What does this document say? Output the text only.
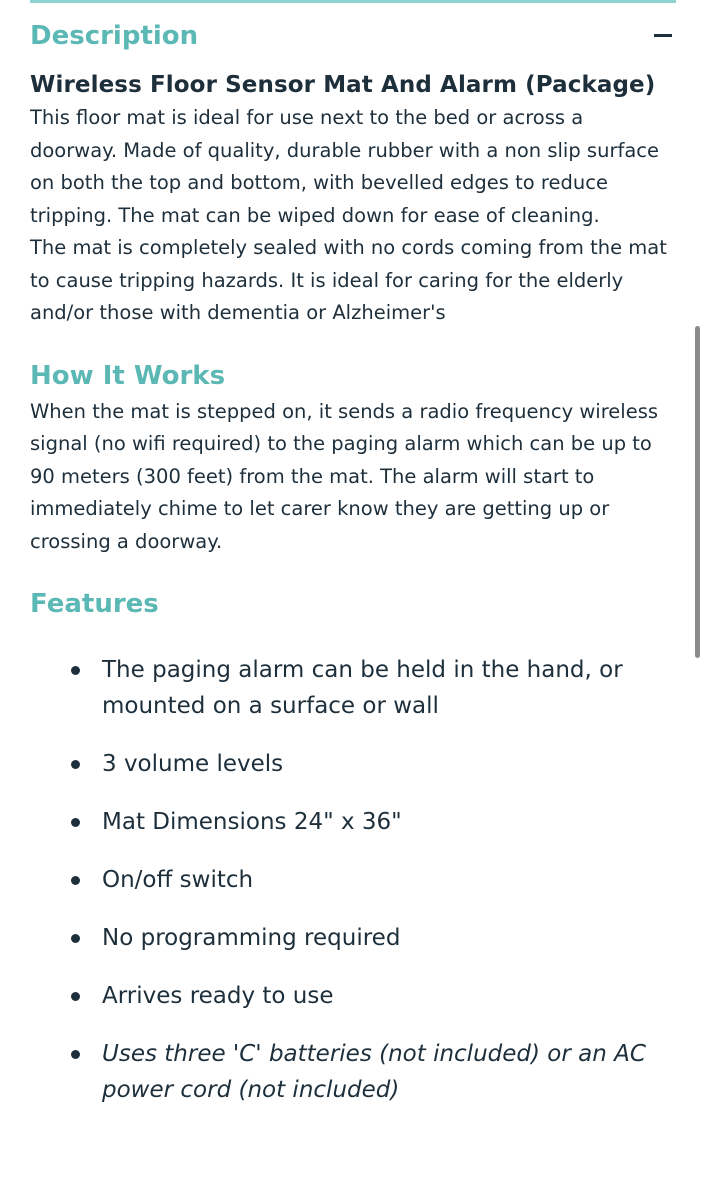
Description
Wireless Floor Sensor Mat And Alarm (Package)

This floor mat is ideal for use next to the bed or across a doorway. Made of quality, durable rubber with a non slip surface on both the top and bottom, with bevelled edges to reduce tripping. The mat can be wiped down for ease of cleaning.

The mat is completely sealed with no cords coming from the mat to cause tripping hazards. It is ideal for caring for the elderly and/or those with dementia or Alzheimer's

How It Works

When the mat is stepped on, it sends a radio frequency wireless signal (no wifi required) to the paging alarm which can be up to 90 meters (300 feet) from the mat. The alarm will start to immediately chime to let carer know they are getting up or crossing a doorway.

Features
The paging alarm can be held in the hand, or mounted on a surface or wall
3 volume levels
Mat Dimensions 24" x 36"
On/off switch
No programming required
Arrives ready to use
Uses three 'C' batteries (not included) or an AC power cord (not included)
